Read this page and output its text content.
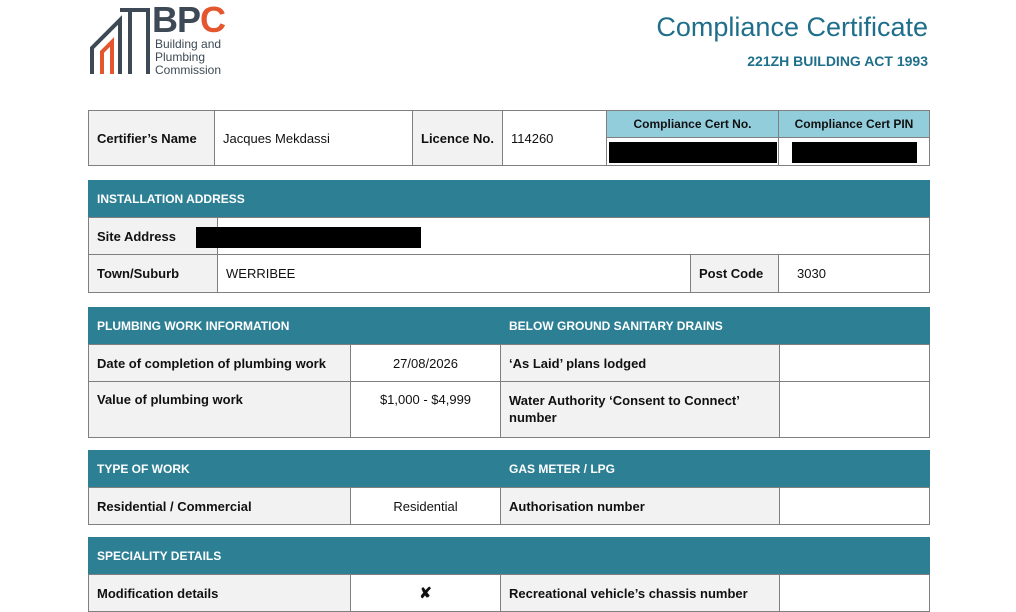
BPC
Building and
Plumbing
Commission
Compliance Certificate
221ZH BUILDING ACT 1993
Certifier’s Name	Jacques Mekdassi	Licence No.	114260
Compliance Cert No.	Compliance Cert PIN
INSTALLATION ADDRESS
Site Address
Town/Suburb	WERRIBEE	Post Code	3030
PLUMBING WORK INFORMATION	BELOW GROUND SANITARY DRAINS
Date of completion of plumbing work	27/08/2026	‘As Laid’ plans lodged
Value of plumbing work	$1,000 - $4,999	Water Authority ‘Consent to Connect’ number
TYPE OF WORK	GAS METER / LPG
Residential / Commercial	Residential	Authorisation number
SPECIALITY DETAILS
Modification details	✘	Recreational vehicle’s chassis number
